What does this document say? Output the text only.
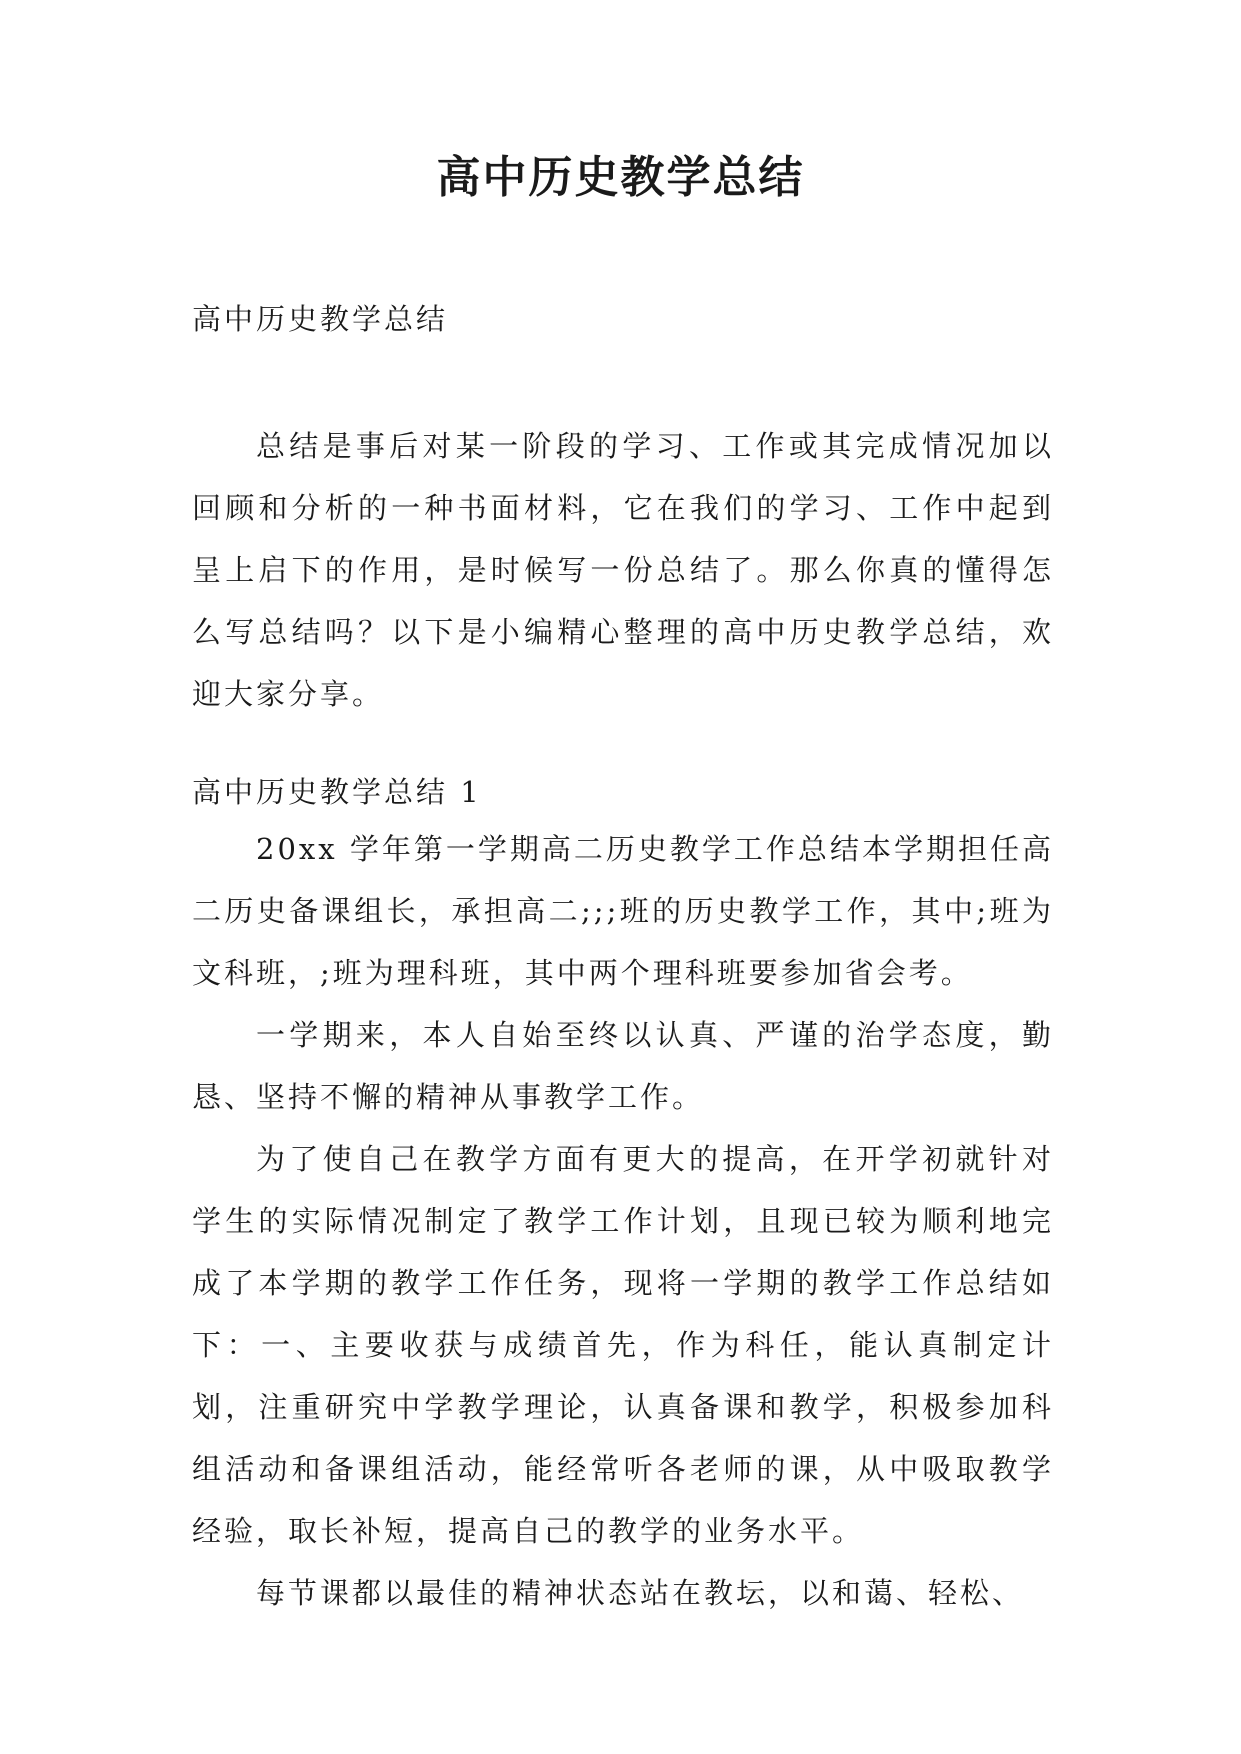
高中历史教学总结
高中历史教学总结

总结是事后对某一阶段的学习、工作或其完成情况加以回顾和分析的一种书面材料，它在我们的学习、工作中起到呈上启下的作用，是时候写一份总结了。那么你真的懂得怎么写总结吗？以下是小编精心整理的高中历史教学总结，欢迎大家分享。

高中历史教学总结 1

20xx 学年第一学期高二历史教学工作总结本学期担任高二历史备课组长，承担高二;;;班的历史教学工作，其中;班为文科班，;班为理科班，其中两个理科班要参加省会考。

一学期来，本人自始至终以认真、严谨的治学态度，勤恳、坚持不懈的精神从事教学工作。

为了使自己在教学方面有更大的提高，在开学初就针对学生的实际情况制定了教学工作计划，且现已较为顺利地完成了本学期的教学工作任务，现将一学期的教学工作总结如下：一、主要收获与成绩首先，作为科任，能认真制定计划，注重研究中学教学理论，认真备课和教学，积极参加科组活动和备课组活动，能经常听各老师的课，从中吸取教学经验，取长补短，提高自己的教学的业务水平。

每节课都以最佳的精神状态站在教坛，以和蔼、轻松、
